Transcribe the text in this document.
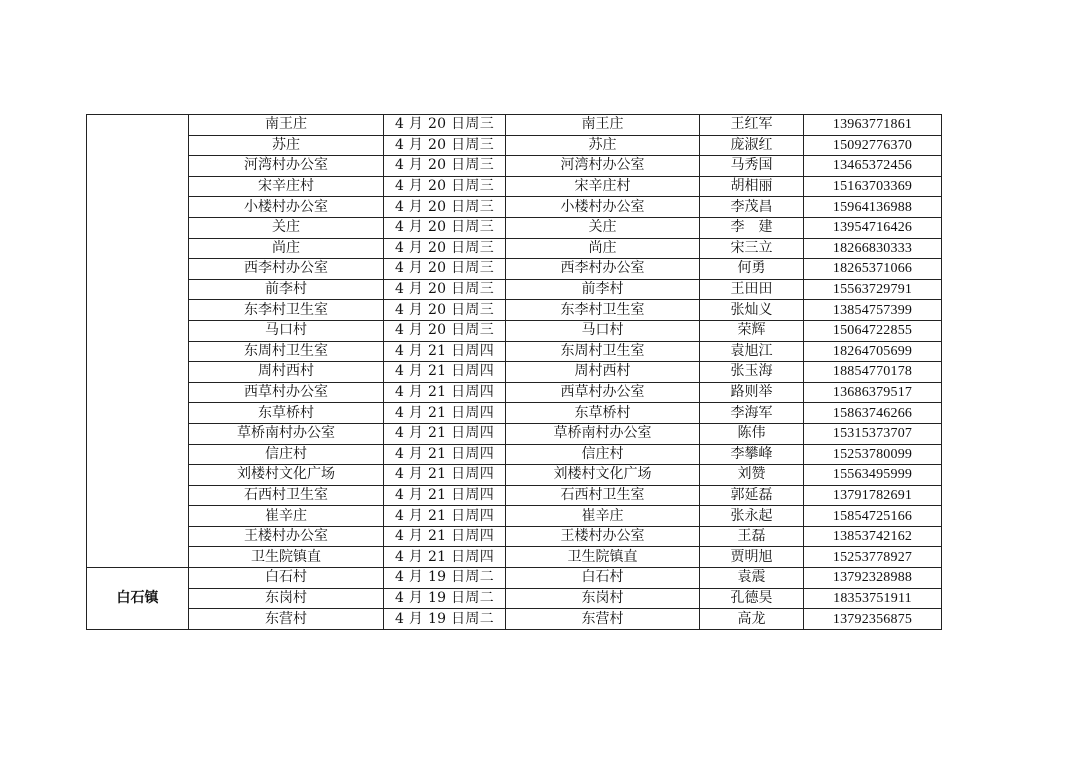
	南王庄	4 月 20 日周三	南王庄	王红军	13963771861
	苏庄	4 月 20 日周三	苏庄	庞淑红	15092776370
	河湾村办公室	4 月 20 日周三	河湾村办公室	马秀国	13465372456
	宋辛庄村	4 月 20 日周三	宋辛庄村	胡相丽	15163703369
	小楼村办公室	4 月 20 日周三	小楼村办公室	李茂昌	15964136988
	关庄	4 月 20 日周三	关庄	李　建	13954716426
	尚庄	4 月 20 日周三	尚庄	宋三立	18266830333
	西李村办公室	4 月 20 日周三	西李村办公室	何勇	18265371066
	前李村	4 月 20 日周三	前李村	王田田	15563729791
	东李村卫生室	4 月 20 日周三	东李村卫生室	张灿义	13854757399
	马口村	4 月 20 日周三	马口村	荣辉	15064722855
	东周村卫生室	4 月 21 日周四	东周村卫生室	袁旭江	18264705699
	周村西村	4 月 21 日周四	周村西村	张玉海	18854770178
	西草村办公室	4 月 21 日周四	西草村办公室	路则举	13686379517
	东草桥村	4 月 21 日周四	东草桥村	李海军	15863746266
	草桥南村办公室	4 月 21 日周四	草桥南村办公室	陈伟	15315373707
	信庄村	4 月 21 日周四	信庄村	李攀峰	15253780099
	刘楼村文化广场	4 月 21 日周四	刘楼村文化广场	刘赞	15563495999
	石西村卫生室	4 月 21 日周四	石西村卫生室	郭延磊	13791782691
	崔辛庄	4 月 21 日周四	崔辛庄	张永起	15854725166
	王楼村办公室	4 月 21 日周四	王楼村办公室	王磊	13853742162
	卫生院镇直	4 月 21 日周四	卫生院镇直	贾明旭	15253778927
白石镇	白石村	4 月 19 日周二	白石村	袁震	13792328988
	东岗村	4 月 19 日周二	东岗村	孔德昊	18353751911
	东营村	4 月 19 日周二	东营村	高龙	13792356875
